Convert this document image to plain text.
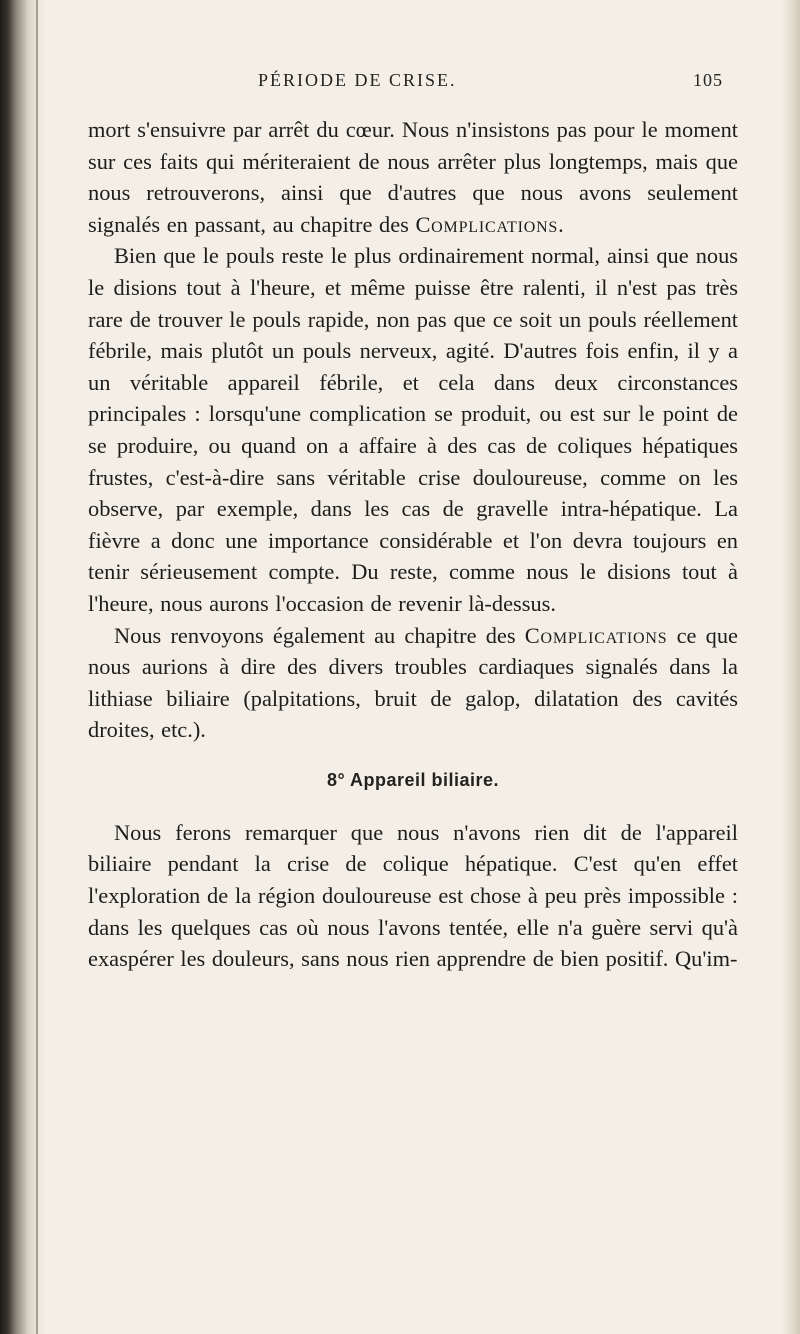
PÉRIODE DE CRISE.	105

mort s'ensuivre par arrêt du cœur. Nous n'insistons pas pour le moment sur ces faits qui mériteraient de nous arrêter plus longtemps, mais que nous retrouverons, ainsi que d'autres que nous avons seulement signalés en passant, au chapitre des Complications.

Bien que le pouls reste le plus ordinairement normal, ainsi que nous le disions tout à l'heure, et même puisse être ralenti, il n'est pas très rare de trouver le pouls rapide, non pas que ce soit un pouls réellement fébrile, mais plutôt un pouls nerveux, agité. D'autres fois enfin, il y a un véritable appareil fébrile, et cela dans deux circonstances principales : lorsqu'une complication se produit, ou est sur le point de se produire, ou quand on a affaire à des cas de coliques hépatiques frustes, c'est-à-dire sans véritable crise douloureuse, comme on les observe, par exemple, dans les cas de gravelle intra-hépatique. La fièvre a donc une importance considérable et l'on devra toujours en tenir sérieusement compte. Du reste, comme nous le disions tout à l'heure, nous aurons l'occasion de revenir là-dessus.

Nous renvoyons également au chapitre des Complications ce que nous aurions à dire des divers troubles cardiaques signalés dans la lithiase biliaire (palpitations, bruit de galop, dilatation des cavités droites, etc.).

8° Appareil biliaire.

Nous ferons remarquer que nous n'avons rien dit de l'appareil biliaire pendant la crise de colique hépatique. C'est qu'en effet l'exploration de la région douloureuse est chose à peu près impossible : dans les quelques cas où nous l'avons tentée, elle n'a guère servi qu'à exaspérer les douleurs, sans nous rien apprendre de bien positif. Qu'im-
